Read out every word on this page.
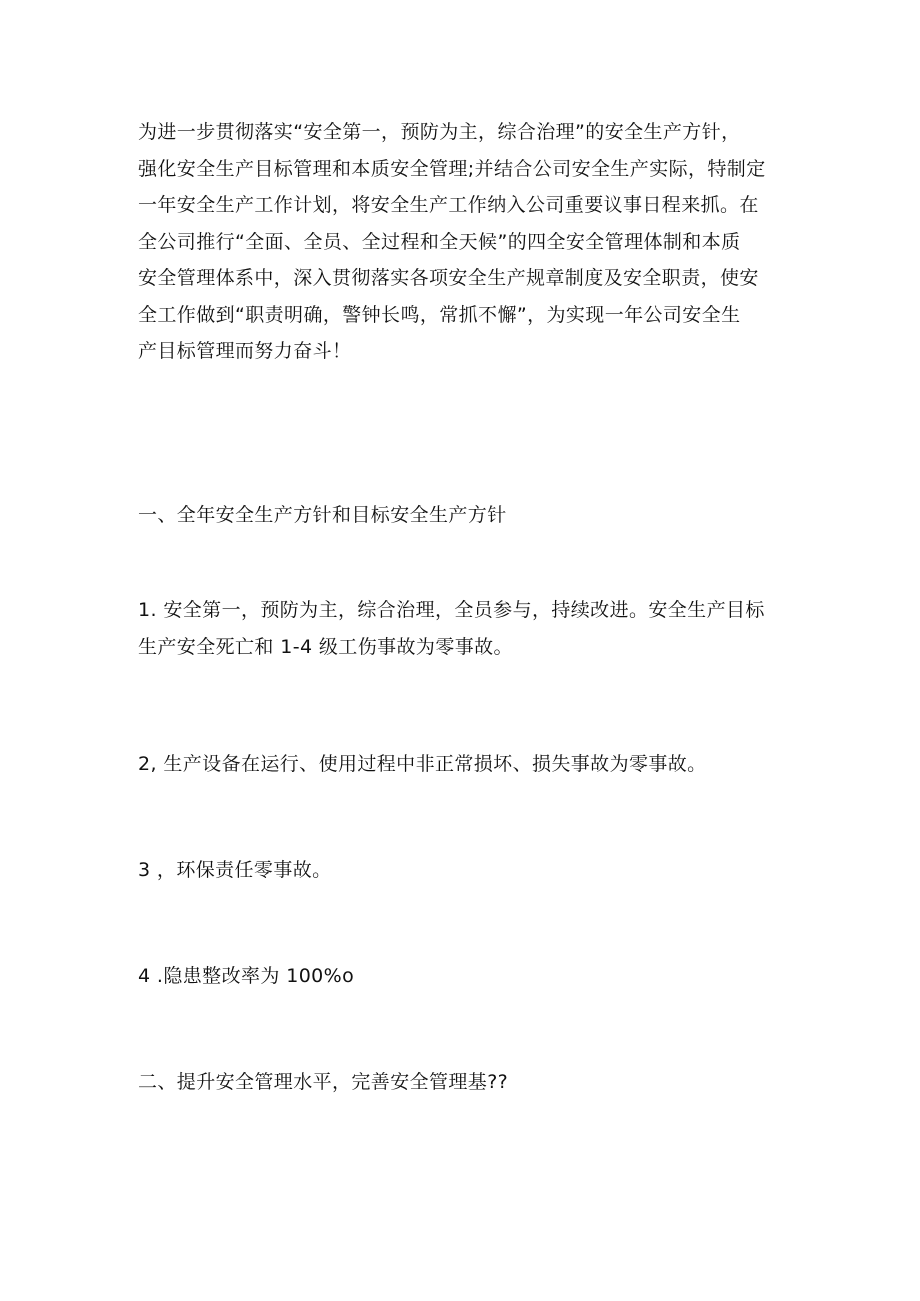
为进一步贯彻落实“安全第一，预防为主，综合治理”的安全生产方针，
强化安全生产目标管理和本质安全管理;并结合公司安全生产实际，特制定
一年安全生产工作计划，将安全生产工作纳入公司重要议事日程来抓。在
全公司推行“全面、全员、全过程和全天候”的四全安全管理体制和本质
安全管理体系中，深入贯彻落实各项安全生产规章制度及安全职责，使安
全工作做到“职责明确，警钟长鸣，常抓不懈”，为实现一年公司安全生
产目标管理而努力奋斗！
一、全年安全生产方针和目标安全生产方针
1. 安全第一，预防为主，综合治理，全员参与，持续改进。安全生产目标
生产安全死亡和 1-4 级工伤事故为零事故。
2, 生产设备在运行、使用过程中非正常损坏、损失事故为零事故。
3 ，环保责任零事故。
4 .隐患整改率为 100%o
二、提升安全管理水平，完善安全管理基??
